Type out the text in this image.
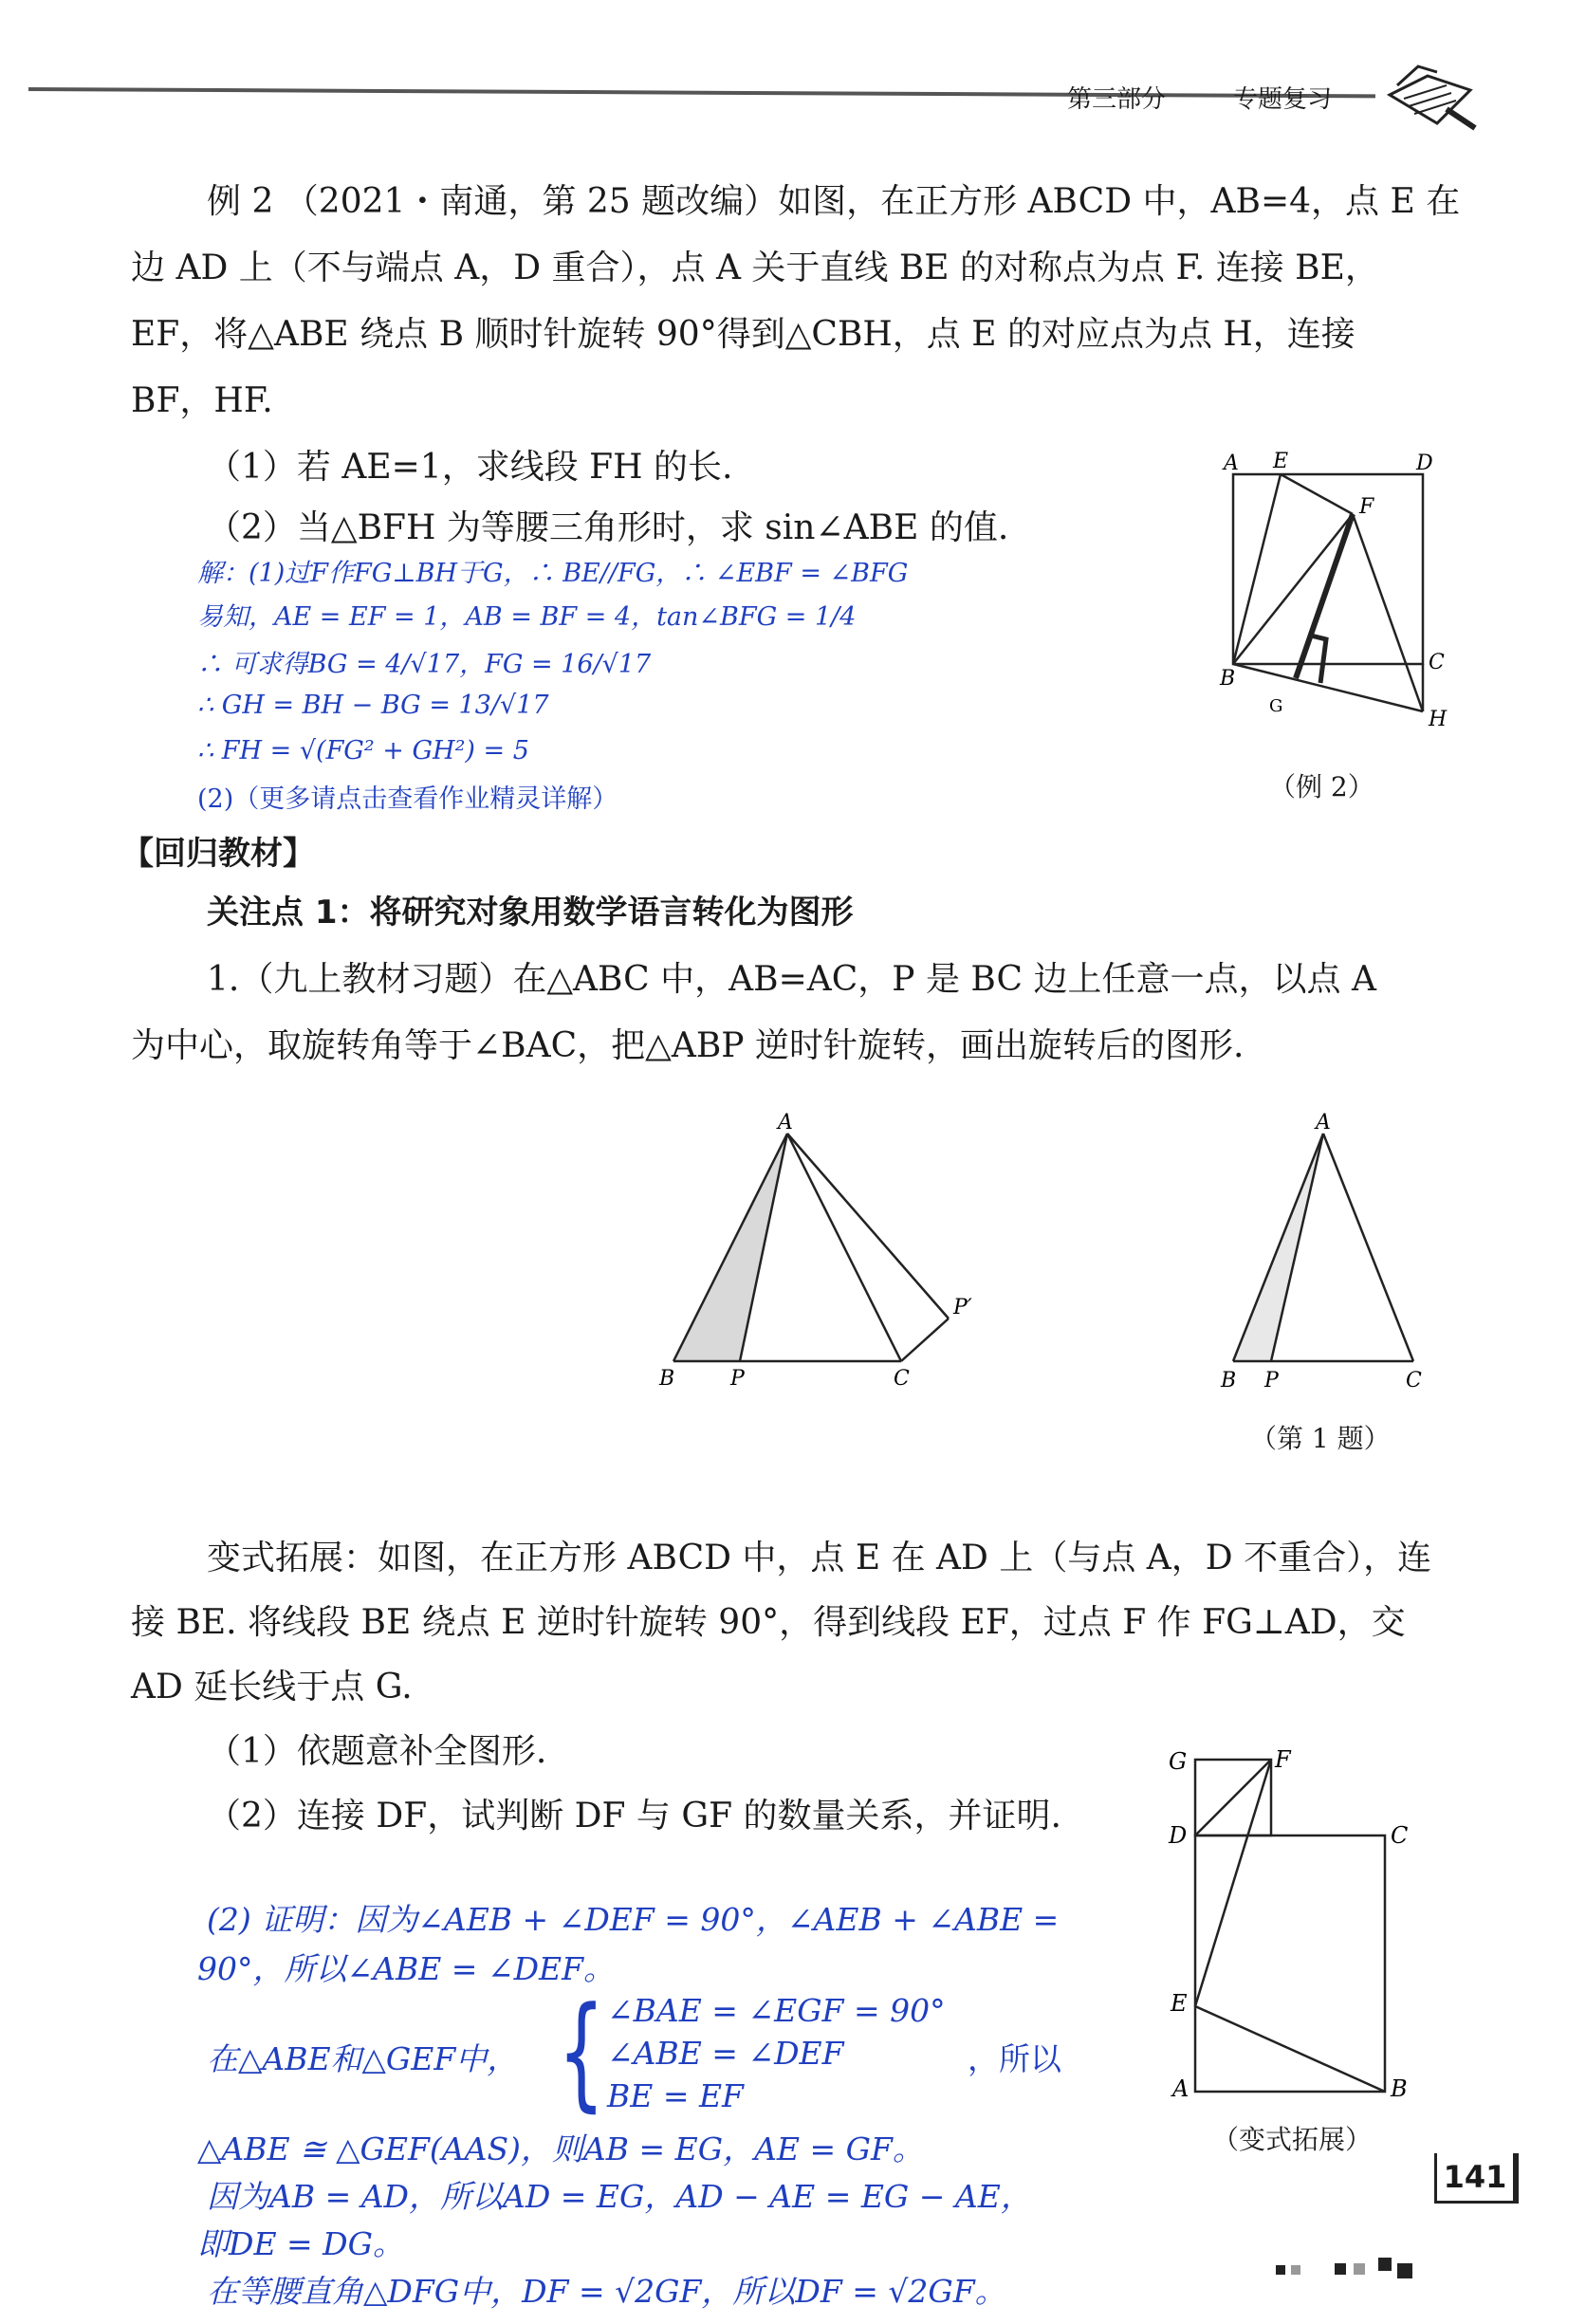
第三部分	专题复习
例 2 （2021・南通，第 25 题改编）如图，在正方形 ABCD 中，AB=4，点 E 在
边 AD 上（不与端点 A，D 重合），点 A 关于直线 BE 的对称点为点 F. 连接 BE，
EF，将△ABE 绕点 B 顺时针旋转 90°得到△CBH，点 E 的对应点为点 H，连接
BF，HF.
（1）若 AE=1，求线段 FH 的长.
（2）当△BFH 为等腰三角形时，求 sin∠ABE 的值.
解：(1)过F作FG⊥BH于G，∴ BE//FG，∴ ∠EBF = ∠BFG
易知，AE = EF = 1，AB = BF = 4，tan∠BFG = 1/4
∴ 可求得BG = 4/√17，FG = 16/√17
∴ GH = BH − BG = 13/√17
∴ FH = √(FG² + GH²) = 5
(2)（更多请点击查看作业精灵详解）
A E	D
F
B
C
G
H
（例 2）
【回归教材】
关注点 1：将研究对象用数学语言转化为图形
1.（九上教材习题）在△ABC 中，AB=AC，P 是 BC 边上任意一点，以点 A
为中心，取旋转角等于∠BAC，把△ABP 逆时针旋转，画出旋转后的图形.
A
B	P	C
P′
A
B P	C
（第 1 题）
变式拓展：如图，在正方形 ABCD 中，点 E 在 AD 上（与点 A，D 不重合），连
接 BE. 将线段 BE 绕点 E 逆时针旋转 90°，得到线段 EF，过点 F 作 FG⊥AD，交
AD 延长线于点 G.
（1）依题意补全图形.
（2）连接 DF，试判断 DF 与 GF 的数量关系，并证明.
(2) 证明：因为∠AEB + ∠DEF = 90°，∠AEB + ∠ABE =
90°，所以∠ABE = ∠DEF。
在△ABE和△GEF中， { ∠BAE = ∠EGF = 90°
∠ABE = ∠DEF
BE = EF
，所以
△ABE ≅ △GEF(AAS)，则AB = EG，AE = GF。
因为AB = AD，所以AD = EG，AD − AE = EG − AE，
即DE = DG。
在等腰直角△DFG中，DF = √2GF，所以DF = √2GF。
G	F
D	C
E
A	B
（变式拓展）
141
